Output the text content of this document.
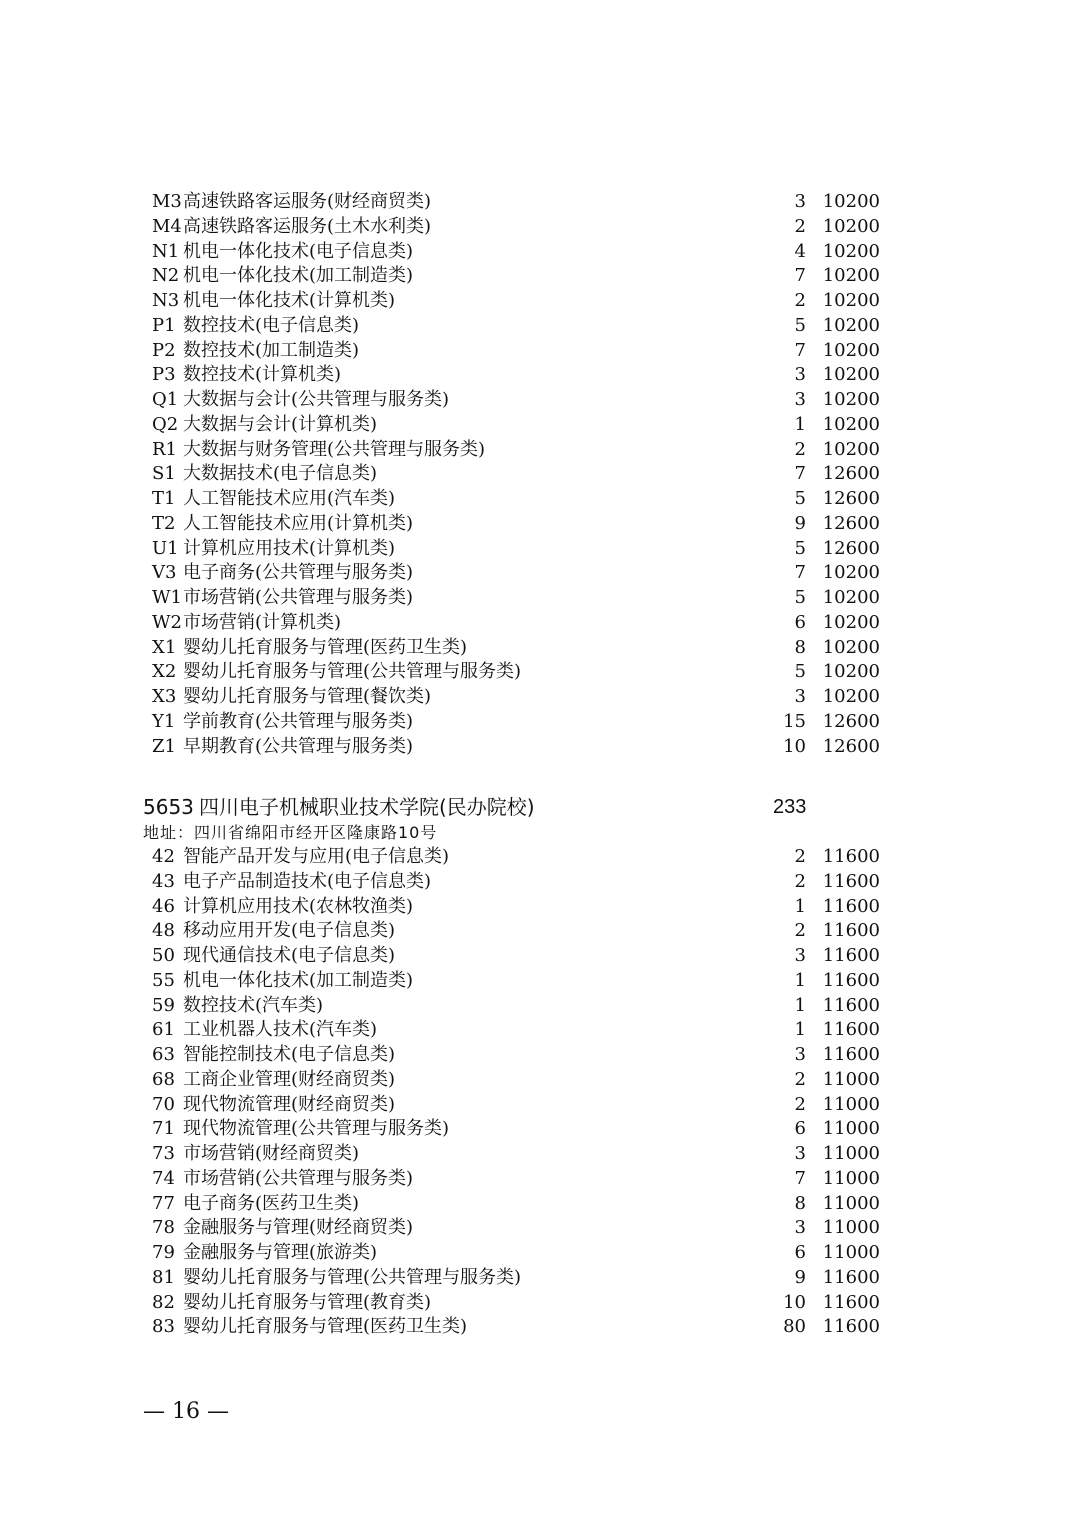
M3 高速铁路客运服务(财经商贸类)	3 10200
M4 高速铁路客运服务(土木水利类)	2 10200
N1 机电一体化技术(电子信息类)	4 10200
N2 机电一体化技术(加工制造类)	7 10200
N3 机电一体化技术(计算机类)	2 10200
P1 数控技术(电子信息类)	5 10200
P2 数控技术(加工制造类)	7 10200
P3 数控技术(计算机类)	3 10200
Q1 大数据与会计(公共管理与服务类)	3 10200
Q2 大数据与会计(计算机类)	1 10200
R1 大数据与财务管理(公共管理与服务类)	2 10200
S1 大数据技术(电子信息类)	7 12600
T1 人工智能技术应用(汽车类)	5 12600
T2 人工智能技术应用(计算机类)	9 12600
U1 计算机应用技术(计算机类)	5 12600
V3 电子商务(公共管理与服务类)	7 10200
W1 市场营销(公共管理与服务类)	5 10200
W2 市场营销(计算机类)	6 10200
X1 婴幼儿托育服务与管理(医药卫生类)	8 10200
X2 婴幼儿托育服务与管理(公共管理与服务类)	5 10200
X3 婴幼儿托育服务与管理(餐饮类)	3 10200
Y1 学前教育(公共管理与服务类)	15 12600
Z1 早期教育(公共管理与服务类)	10 12600
5653 四川电子机械职业技术学院(民办院校)	233
地址：四川省绵阳市经开区隆康路10号
42 智能产品开发与应用(电子信息类)	2 11600
43 电子产品制造技术(电子信息类)	2 11600
46 计算机应用技术(农林牧渔类)	1 11600
48 移动应用开发(电子信息类)	2 11600
50 现代通信技术(电子信息类)	3 11600
55 机电一体化技术(加工制造类)	1 11600
59 数控技术(汽车类)	1 11600
61 工业机器人技术(汽车类)	1 11600
63 智能控制技术(电子信息类)	3 11600
68 工商企业管理(财经商贸类)	2 11000
70 现代物流管理(财经商贸类)	2 11000
71 现代物流管理(公共管理与服务类)	6 11000
73 市场营销(财经商贸类)	3 11000
74 市场营销(公共管理与服务类)	7 11000
77 电子商务(医药卫生类)	8 11000
78 金融服务与管理(财经商贸类)	3 11000
79 金融服务与管理(旅游类)	6 11000
81 婴幼儿托育服务与管理(公共管理与服务类)	9 11600
82 婴幼儿托育服务与管理(教育类)	10 11600
83 婴幼儿托育服务与管理(医药卫生类)	80 11600
— 16 —
